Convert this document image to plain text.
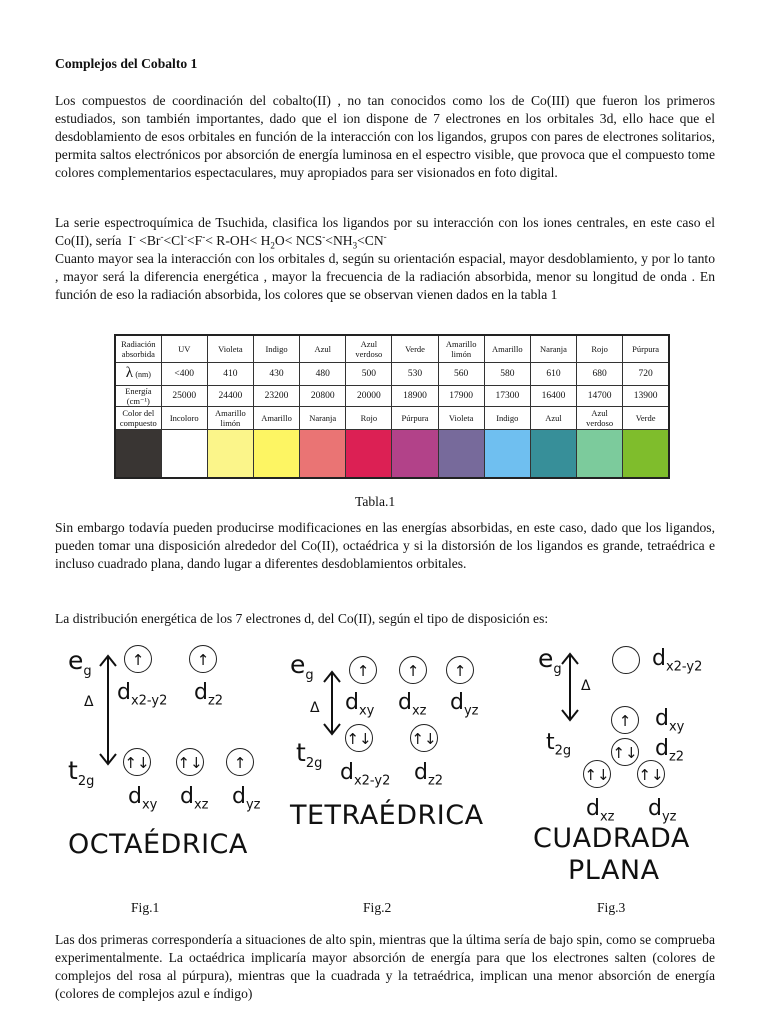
Complejos del Cobalto 1

Los compuestos de coordinación del cobalto(II) , no tan conocidos como los de Co(III) que fueron los primeros estudiados, son también importantes, dado que el ion dispone de 7 electrones en los orbitales 3d, ello hace que el desdoblamiento de esos orbitales en función de la interacción con los ligandos, grupos con pares de electrones solitarios, permita saltos electrónicos por absorción de energía luminosa en el espectro visible, que provoca que el compuesto tome colores complementarios espectaculares, muy apropiados para ser visionados en foto digital.

La serie espectroquímica de Tsuchida, clasifica los ligandos por su interacción con los iones centrales, en este caso el Co(II), sería $I^- <Br^-<Cl^-<F^-< R-OH< H_2O< NCS^-<NH_3<CN^-$

Cuanto mayor sea la interacción con los orbitales d, según su orientación espacial, mayor desdoblamiento, y por lo tanto , mayor será la diferencia energética , mayor la frecuencia de la radiación absorbida, menor su longitud de onda . En función de eso la radiación absorbida, los colores que se observan vienen dados en la tabla 1

Radiación absorbida	UV	Violeta	Indigo	Azul	Azul verdoso	Verde	Amarillo limón	Amarillo	Naranja	Rojo	Púrpura
λ (nm)	<400	410	430	480	500	530	560	580	610	680	720
Energía (cm⁻¹)	25000	24400	23200	20800	20000	18900	17900	17300	16400	14700	13900
Color del compuesto	Incoloro	Amarillo limón	Amarillo	Naranja	Rojo	Púrpura	Violeta	Indigo	Azul	Azul verdoso	Verde

Tabla.1

Sin embargo todavía pueden producirse modificaciones en las energías absorbidas, en este caso, dado que los ligandos, pueden tomar una disposición alrededor del Co(II), octaédrica y si la distorsión de los ligandos es grande, tetraédrica e incluso cuadrado plana, dando lugar a diferentes desdoblamientos orbitales.

La distribución energética de los 7 electrones d, del Co(II), según el tipo de disposición es:

$e_g$
↑	↑
$d_{x2-y2}$ $d_{z2}$
Δ
$t_{2g}$
↑↓ ↑↓	↑
$d_{xy}$ $d_{xz}$ $d_{yz}$
OCTAÉDRICA
$e_g$
Δ
↑	↑	↑
$d_{xy}$ $d_{xz}$ $d_{yz}$
$t_{2g}$
↑↓	↑↓
$d_{x2-y2}$ $d_{z2}$
TETRAÉDRICA
$e_g$
Δ
$d_{x2-y2}$
↑	$d_{xy}$
$t_{2g}$	↑↓ $d_{z2}$
↑↓ ↑↓
$d_{xz}$ $d_{yz}$
CUADRADA
PLANA
Fig.1	Fig.2	Fig.3

Las dos primeras correspondería a situaciones de alto spin, mientras que la última sería de bajo spin, como se comprueba experimentalmente. La octaédrica implicaría mayor absorción de energía para que los electrones salten (colores de complejos del rosa al púrpura), mientras que la cuadrada y la tetraédrica, implican una menor absorción de energía (colores de complejos azul e índigo)
